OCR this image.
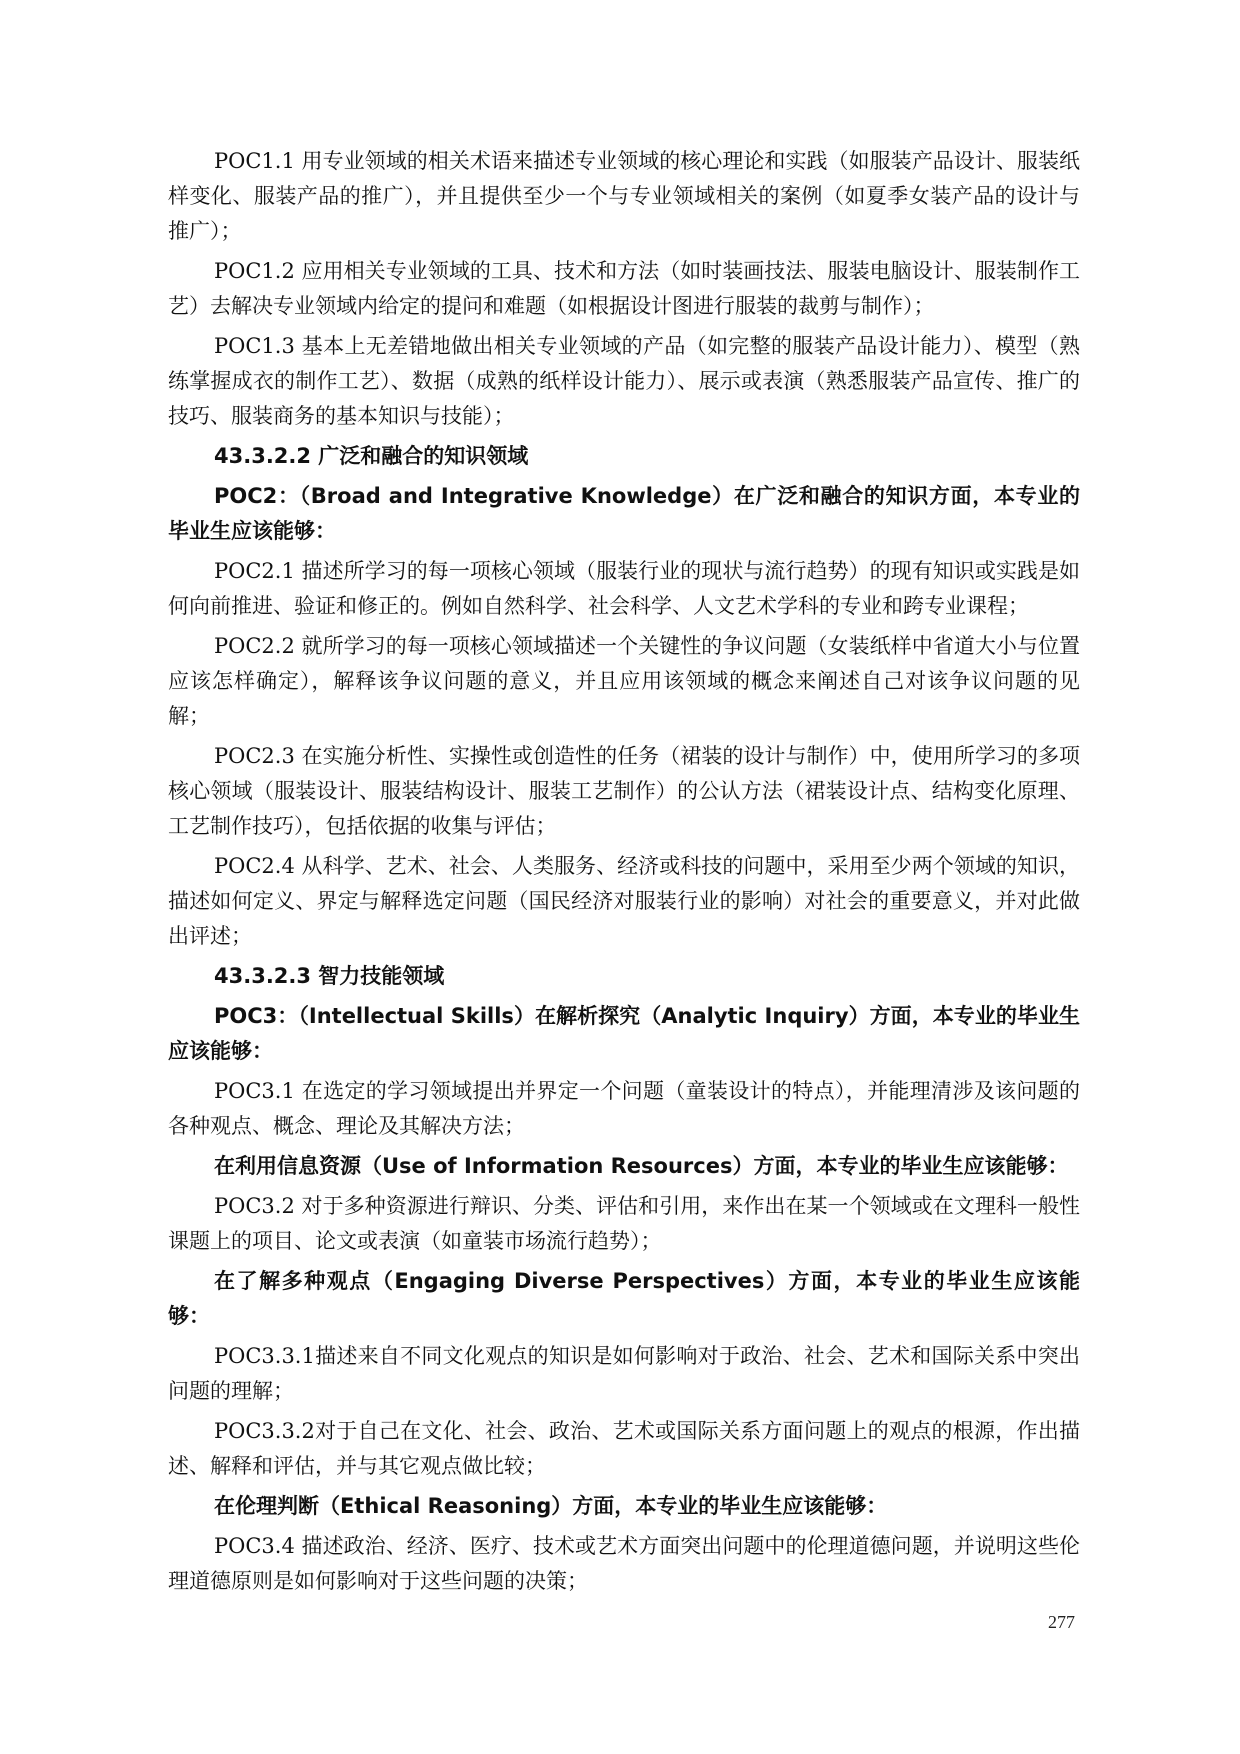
POC1.1 用专业领域的相关术语来描述专业领域的核心理论和实践（如服装产品设计、服装纸样变化、服装产品的推广），并且提供至少一个与专业领域相关的案例（如夏季女装产品的设计与推广）；

POC1.2 应用相关专业领域的工具、技术和方法（如时装画技法、服装电脑设计、服装制作工艺）去解决专业领域内给定的提问和难题（如根据设计图进行服装的裁剪与制作）；

POC1.3 基本上无差错地做出相关专业领域的产品（如完整的服装产品设计能力）、模型（熟练掌握成衣的制作工艺）、数据（成熟的纸样设计能力）、展示或表演（熟悉服装产品宣传、推广的技巧、服装商务的基本知识与技能）；

43.3.2.2 广泛和融合的知识领域

POC2：（Broad and Integrative Knowledge）在广泛和融合的知识方面，本专业的毕业生应该能够：

POC2.1 描述所学习的每一项核心领域（服装行业的现状与流行趋势）的现有知识或实践是如何向前推进、验证和修正的。例如自然科学、社会科学、人文艺术学科的专业和跨专业课程；

POC2.2 就所学习的每一项核心领域描述一个关键性的争议问题（女装纸样中省道大小与位置应该怎样确定），解释该争议问题的意义，并且应用该领域的概念来阐述自己对该争议问题的见解；

POC2.3 在实施分析性、实操性或创造性的任务（裙装的设计与制作）中，使用所学习的多项核心领域（服装设计、服装结构设计、服装工艺制作）的公认方法（裙装设计点、结构变化原理、工艺制作技巧），包括依据的收集与评估；

POC2.4 从科学、艺术、社会、人类服务、经济或科技的问题中，采用至少两个领域的知识，描述如何定义、界定与解释选定问题（国民经济对服装行业的影响）对社会的重要意义，并对此做出评述；

43.3.2.3 智力技能领域

POC3：（Intellectual Skills）在解析探究（Analytic Inquiry）方面，本专业的毕业生应该能够：

POC3.1 在选定的学习领域提出并界定一个问题（童装设计的特点），并能理清涉及该问题的各种观点、概念、理论及其解决方法；

在利用信息资源（Use of Information Resources）方面，本专业的毕业生应该能够：

POC3.2 对于多种资源进行辩识、分类、评估和引用，来作出在某一个领域或在文理科一般性课题上的项目、论文或表演（如童装市场流行趋势）；

在了解多种观点（Engaging Diverse Perspectives）方面，本专业的毕业生应该能够：

POC3.3.1描述来自不同文化观点的知识是如何影响对于政治、社会、艺术和国际关系中突出问题的理解；

POC3.3.2对于自己在文化、社会、政治、艺术或国际关系方面问题上的观点的根源，作出描述、解释和评估，并与其它观点做比较；

在伦理判断（Ethical Reasoning）方面，本专业的毕业生应该能够：

POC3.4 描述政治、经济、医疗、技术或艺术方面突出问题中的伦理道德问题，并说明这些伦理道德原则是如何影响对于这些问题的决策；

277
